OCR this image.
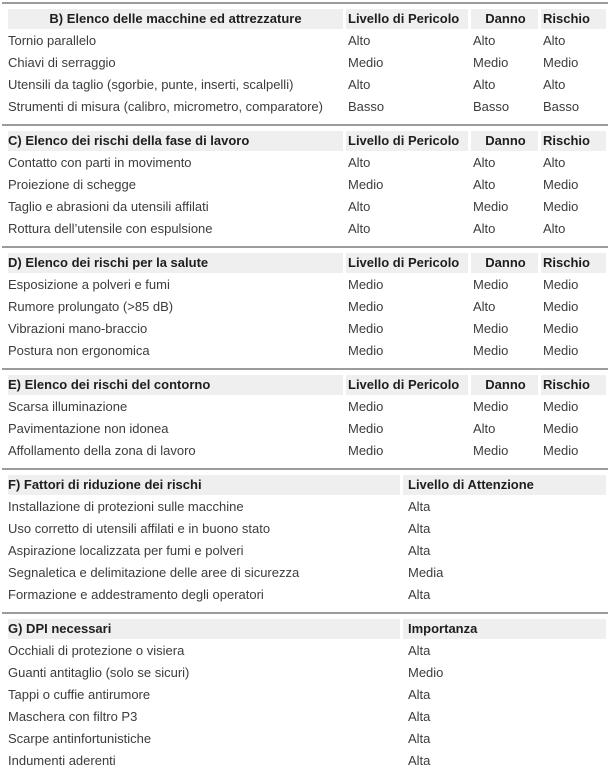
B) Elenco delle macchine ed attrezzature	Livello di Pericolo	Danno	Rischio
Tornio parallelo	Alto	Alto	Alto
Chiavi di serraggio	Medio	Medio	Medio
Utensili da taglio (sgorbie, punte, inserti, scalpelli)	Alto	Alto	Alto
Strumenti di misura (calibro, micrometro, comparatore)	Basso	Basso	Basso
C) Elenco dei rischi della fase di lavoro	Livello di Pericolo	Danno	Rischio
Contatto con parti in movimento	Alto	Alto	Alto
Proiezione di schegge	Medio	Alto	Medio
Taglio e abrasioni da utensili affilati	Alto	Medio	Medio
Rottura dell’utensile con espulsione	Alto	Alto	Alto
D) Elenco dei rischi per la salute	Livello di Pericolo	Danno	Rischio
Esposizione a polveri e fumi	Medio	Medio	Medio
Rumore prolungato (>85 dB)	Medio	Alto	Medio
Vibrazioni mano-braccio	Medio	Medio	Medio
Postura non ergonomica	Medio	Medio	Medio
E) Elenco dei rischi del contorno	Livello di Pericolo	Danno	Rischio
Scarsa illuminazione	Medio	Medio	Medio
Pavimentazione non idonea	Medio	Alto	Medio
Affollamento della zona di lavoro	Medio	Medio	Medio
F) Fattori di riduzione dei rischi	Livello di Attenzione
Installazione di protezioni sulle macchine	Alta
Uso corretto di utensili affilati e in buono stato	Alta
Aspirazione localizzata per fumi e polveri	Alta
Segnaletica e delimitazione delle aree di sicurezza	Media
Formazione e addestramento degli operatori	Alta
G) DPI necessari	Importanza
Occhiali di protezione o visiera	Alta
Guanti antitaglio (solo se sicuri)	Medio
Tappi o cuffie antirumore	Alta
Maschera con filtro P3	Alta
Scarpe antinfortunistiche	Alta
Indumenti aderenti	Alta
